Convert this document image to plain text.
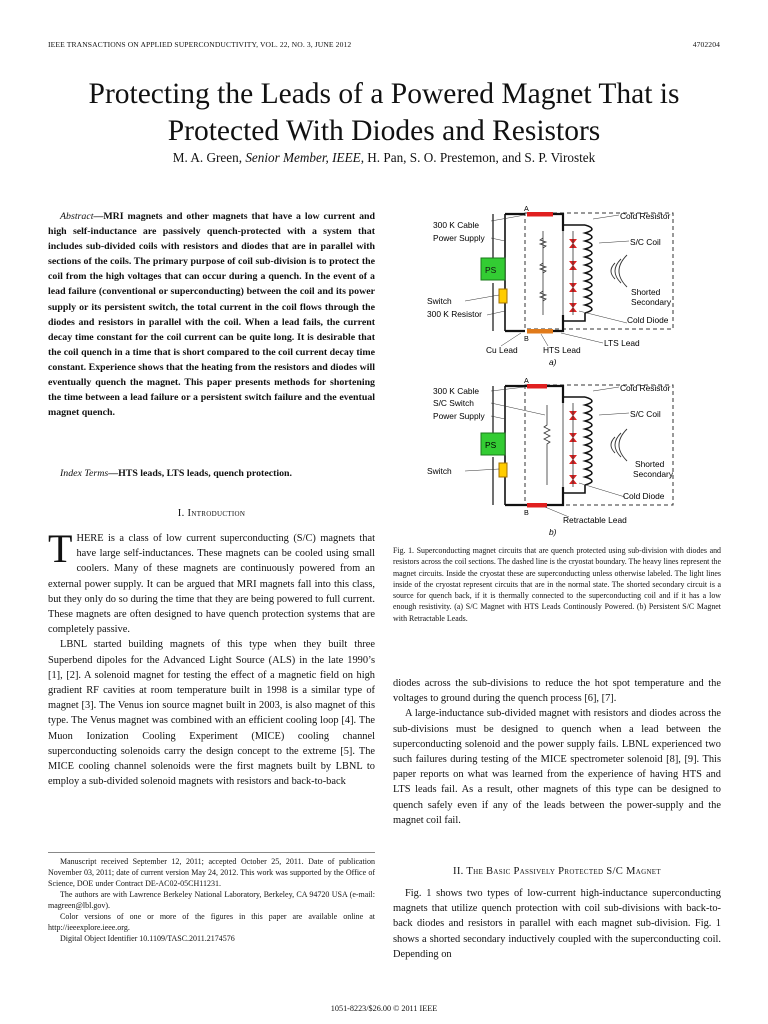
IEEE TRANSACTIONS ON APPLIED SUPERCONDUCTIVITY, VOL. 22, NO. 3, JUNE 2012	4702204
Protecting the Leads of a Powered Magnet That is Protected With Diodes and Resistors
M. A. Green, Senior Member, IEEE, H. Pan, S. O. Prestemon, and S. P. Virostek
Abstract—MRI magnets and other magnets that have a low current and high self-inductance are passively quench-protected with a system that includes sub-divided coils with resistors and diodes that are in parallel with sections of the coils. The primary purpose of coil sub-division is to protect the coil from the high voltages that can occur during a quench. In the event of a lead failure (conventional or superconducting) between the coil and its power supply or its persistent switch, the total current in the coil flows through the diodes and resistors in parallel with the coil. When a lead fails, the current decay time constant for the coil current can be quite long. It is desirable that the coil quench in a time that is short compared to the coil current decay time constant. Experience shows that the heating from the resistors and diodes will eventually quench the magnet. This paper presents methods for shortening the time between a lead failure or a persistent switch failure and the eventual magnet quench.
Index Terms—HTS leads, LTS leads, quench protection.
I. Introduction

THERE is a class of low current superconducting (S/C) magnets that have large self-inductances. These magnets can be cooled using small coolers. Many of these magnets are continuously powered from an external power supply. It can be argued that MRI magnets fall into this class, but they only do so during the time that they are being powered to full current. These magnets are often designed to have quench protection systems that are completely passive.

LBNL started building magnets of this type when they built three Superbend dipoles for the Advanced Light Source (ALS) in the late 1990’s [1], [2]. A solenoid magnet for testing the effect of a magnetic field on high gradient RF cavities at room temperature built in 1998 is a similar type of magnet [3]. The Venus ion source magnet built in 2003, is also magnet of this type. The Venus magnet was combined with an efficient cooling loop [4]. The Muon Ionization Cooling Experiment (MICE) cooling channel superconducting solenoids carry the design concept to the extreme [5]. The MICE cooling channel solenoids were the first magnets built by LBNL to employ a sub-divided solenoid magnets with resistors and back-to-back

Manuscript received September 12, 2011; accepted October 25, 2011. Date of publication November 03, 2011; date of current version May 24, 2012. This work was supported by the Office of Science, DOE under Contract DE-AC02-05CH11231.

The authors are with Lawrence Berkeley National Laboratory, Berkeley, CA 94720 USA (e-mail: magreen@lbl.gov).

Color versions of one or more of the figures in this paper are available online at http://ieeexplore.ieee.org.

Digital Object Identifier 10.1109/TASC.2011.2174576

300 K Cable
Power Supply
PS
Switch
300 K Resistor
Cu Lead	HTS Lead
LTS Lead
Cold Resistor
S/C Coil
Shorted
Secondary
Cold Diode
A
B
a)
300 K Cable
S/C Switch
Power Supply
PS
Switch
Cold Resistor
S/C Coil
Shorted
Secondary
Cold Diode
Retractable Lead
A
B
b)
Fig. 1. Superconducting magnet circuits that are quench protected using sub-division with diodes and resistors across the coil sections. The dashed line is the cryostat boundary. The heavy lines represent the magnet circuits. Inside the cryostat these are superconducting unless otherwise labeled. The light lines inside of the cryostat represent circuits that are in the normal state. The shorted secondary circuit is a source for quench back, if it is thermally connected to the superconducting coil and if it has a low enough resistivity. (a) S/C Magnet with HTS Leads Continously Powered. (b) Persistent S/C Magnet with Retractable Leads.

diodes across the sub-divisions to reduce the hot spot temperature and the voltages to ground during the quench process [6], [7].

A large-inductance sub-divided magnet with resistors and diodes across the sub-divisions must be designed to quench when a lead between the superconducting solenoid and the power supply fails. LBNL experienced two such failures during testing of the MICE spectrometer solenoid [8], [9]. This paper reports on what was learned from the experience of having HTS and LTS leads fail. As a result, other magnets of this type can be designed to quench safely even if any of the leads between the power-supply and the magnet coil fail.

II. The Basic Passively Protected S/C Magnet

Fig. 1 shows two types of low-current high-inductance superconducting magnets that utilize quench protection with coil sub-divisions with back-to-back diodes and resistors in parallel with each magnet sub-division. Fig. 1 shows a shorted secondary inductively coupled with the superconducting coil. Depending on

1051-8223/$26.00 © 2011 IEEE
